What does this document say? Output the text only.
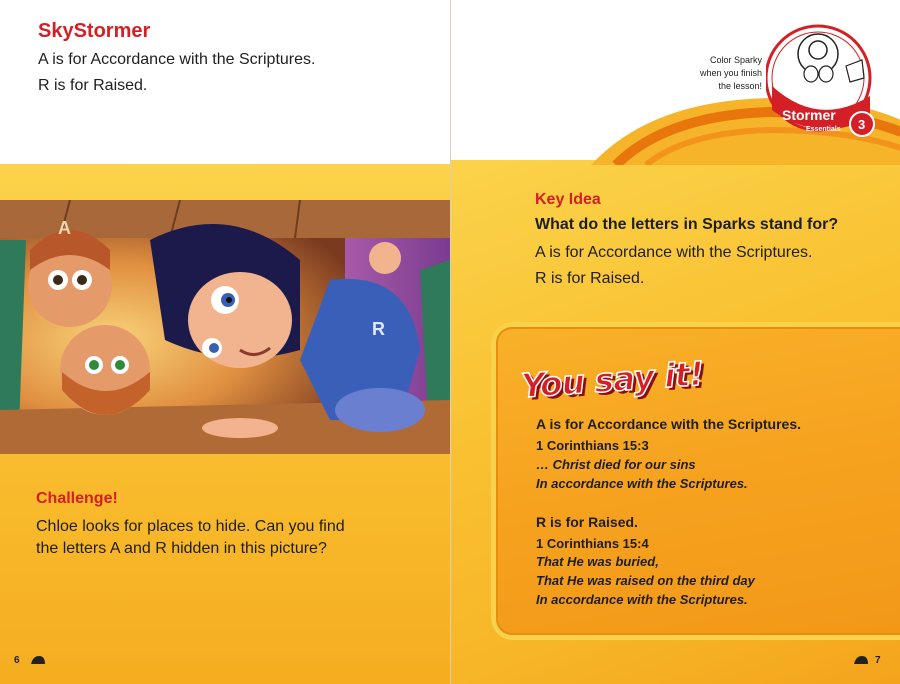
SkyStormer
A is for Accordance with the Scriptures.
R is for Raised.
A
R
Challenge!
Chloe looks for places to hide. Can you find
the letters A and R hidden in this picture?
6
Color Sparky
when you finish
the lesson!
Sky
Stormer
Essentials 3
Key Idea
What do the letters in Sparks stand for?
A is for Accordance with the Scriptures.
R is for Raised.
You say it!
A is for Accordance with the Scriptures.
1 Corinthians 15:3
… Christ died for our sins
In accordance with the Scriptures.
R is for Raised.
1 Corinthians 15:4
That He was buried,
That He was raised on the third day
In accordance with the Scriptures.
7
